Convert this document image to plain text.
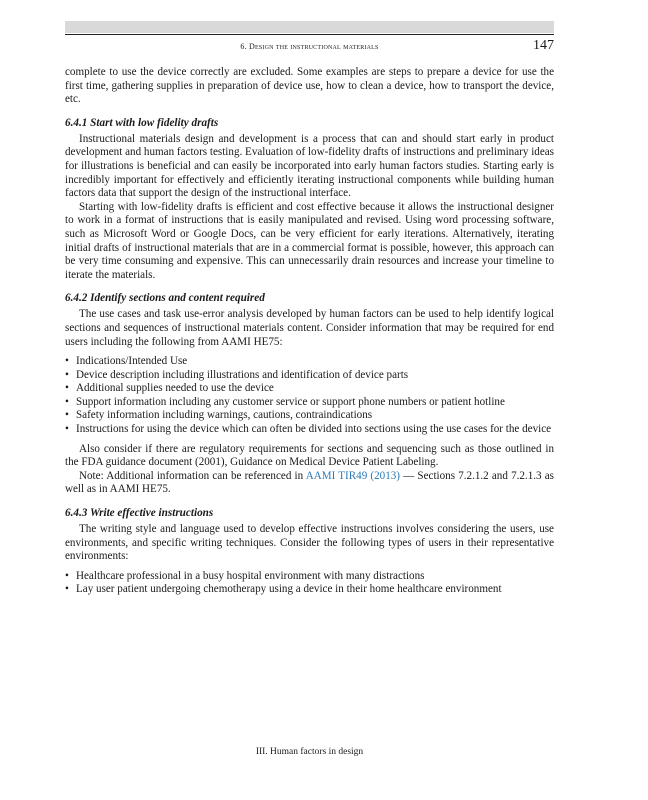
6. Design the instructional materials	147

complete to use the device correctly are excluded. Some examples are steps to prepare a device for use the first time, gathering supplies in preparation of device use, how to clean a device, how to transport the device, etc.

6.4.1 Start with low fidelity drafts

Instructional materials design and development is a process that can and should start early in product development and human factors testing. Evaluation of low-fidelity drafts of instructions and preliminary ideas for illustrations is beneficial and can easily be incorporated into early human factors studies. Starting early is incredibly important for effectively and efficiently iterating instructional components while building human factors data that support the design of the instructional interface.

Starting with low-fidelity drafts is efficient and cost effective because it allows the instructional designer to work in a format of instructions that is easily manipulated and revised. Using word processing software, such as Microsoft Word or Google Docs, can be very efficient for early iterations. Alternatively, iterating initial drafts of instructional materials that are in a commercial format is possible, however, this approach can be very time consuming and expensive. This can unnecessarily drain resources and increase your timeline to iterate the materials.

6.4.2 Identify sections and content required

The use cases and task use-error analysis developed by human factors can be used to help identify logical sections and sequences of instructional materials content. Consider information that may be required for end users including the following from AAMI HE75:

• Indications/Intended Use
• Device description including illustrations and identification of device parts
• Additional supplies needed to use the device
• Support information including any customer service or support phone numbers or patient hotline
• Safety information including warnings, cautions, contraindications
• Instructions for using the device which can often be divided into sections using the use cases for the device

Also consider if there are regulatory requirements for sections and sequencing such as those outlined in the FDA guidance document (2001), Guidance on Medical Device Patient Labeling.

Note: Additional information can be referenced in AAMI TIR49 (2013) — Sections 7.2.1.2 and 7.2.1.3 as well as in AAMI HE75.

6.4.3 Write effective instructions

The writing style and language used to develop effective instructions involves considering the users, use environments, and specific writing techniques. Consider the following types of users in their representative environments:

• Healthcare professional in a busy hospital environment with many distractions
• Lay user patient undergoing chemotherapy using a device in their home healthcare environment
III. Human factors in design
